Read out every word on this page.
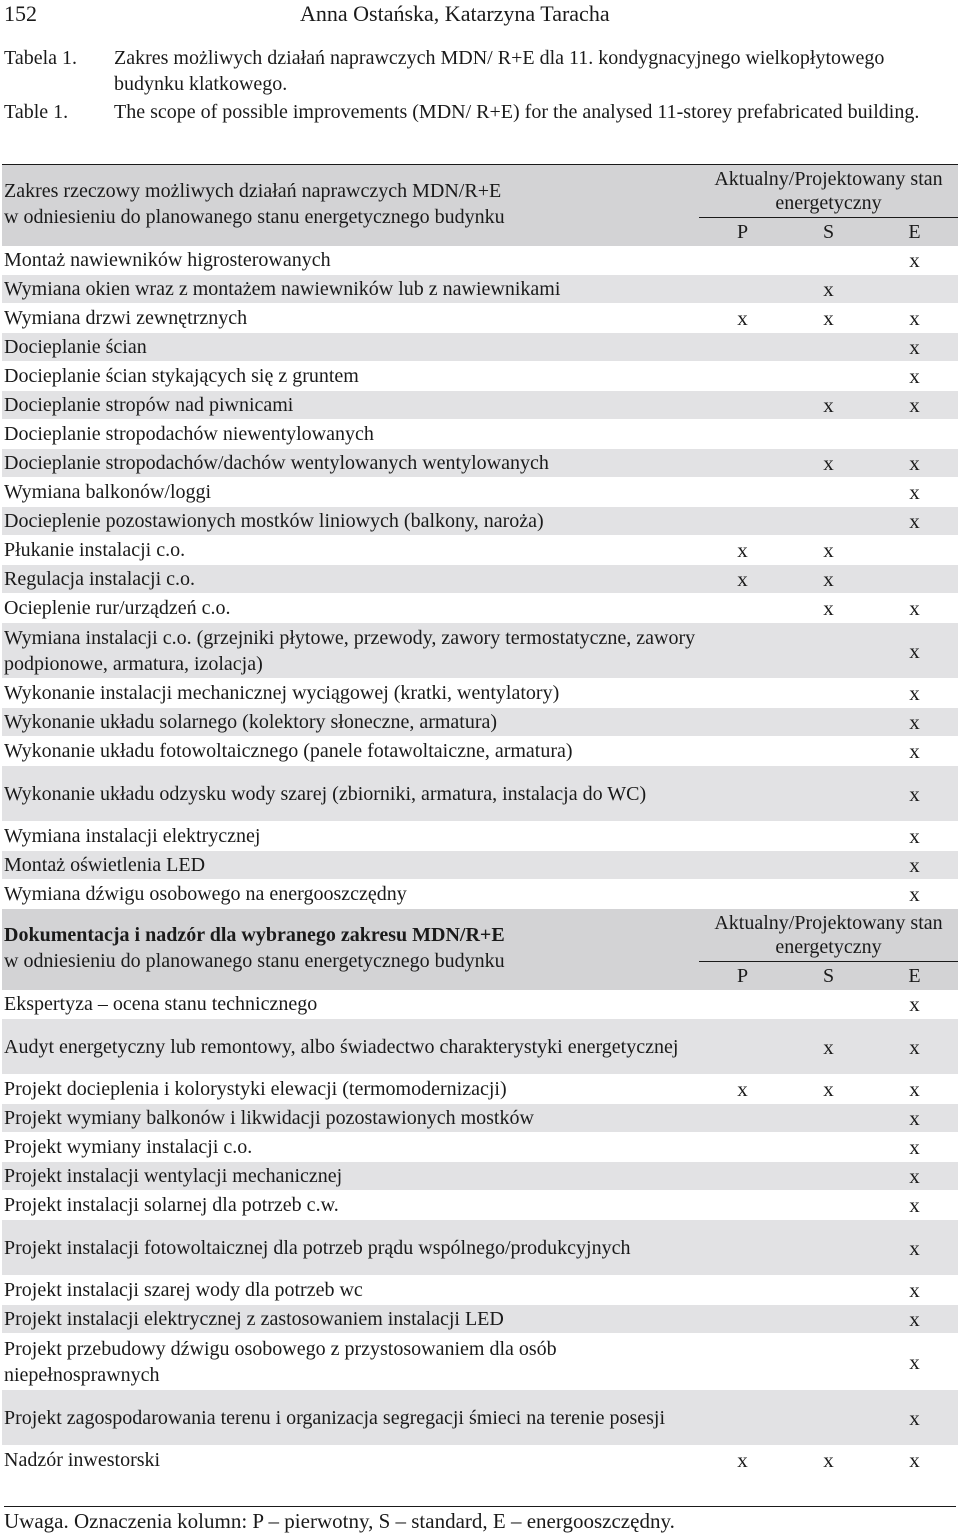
152	Anna Ostańska, Katarzyna Taracha
Tabela 1. Zakres możliwych działań naprawczych MDN/ R+E dla 11. kondygnacyjnego wielkopłytowego budynku klatkowego.
Table 1. The scope of possible improvements (MDN/ R+E) for the analysed 11-storey prefabricated building.
Zakres rzeczowy możliwych działań naprawczych MDN/R+E
w odniesieniu do planowanego stanu energetycznego budynku	Aktualny/Projektowany stan energetyczny		
	P	S	E
Montaż nawiewników higrosterowanych			x
Wymiana okien wraz z montażem nawiewników lub z nawiewnikami		x	
Wymiana drzwi zewnętrznych	x	x	x
Docieplanie ścian			x
Docieplanie ścian stykających się z gruntem			x
Docieplanie stropów nad piwnicami		x	x
Docieplanie stropodachów niewentylowanych			
Docieplanie stropodachów/dachów wentylowanych wentylowanych		x	x
Wymiana balkonów/loggi			x
Docieplenie pozostawionych mostków liniowych (balkony, naroża)			x
Płukanie instalacji c.o.	x	x	
Regulacja instalacji c.o.	x	x	
Ocieplenie rur/urządzeń c.o.		x	x
Wymiana instalacji c.o. (grzejniki płytowe, przewody, zawory termostatyczne, zawory podpionowe, armatura, izolacja)			x
Wykonanie instalacji mechanicznej wyciągowej (kratki, wentylatory)			x
Wykonanie układu solarnego (kolektory słoneczne, armatura)			x
Wykonanie układu fotowoltaicznego (panele fotawoltaiczne, armatura)			x
Wykonanie układu odzysku wody szarej (zbiorniki, armatura, instalacja do WC)			x
Wymiana instalacji elektrycznej			x
Montaż oświetlenia LED			x
Wymiana dźwigu osobowego na energooszczędny			x
Dokumentacja i nadzór dla wybranego zakresu MDN/R+E
w odniesieniu do planowanego stanu energetycznego budynku	Aktualny/Projektowany stan energetyczny		
	P	S	E
Ekspertyza – ocena stanu technicznego			x
Audyt energetyczny lub remontowy, albo świadectwo charakterystyki energetycznej		x	x
Projekt docieplenia i kolorystyki elewacji (termomodernizacji)	x	x	x
Projekt wymiany balkonów i likwidacji pozostawionych mostków			x
Projekt wymiany instalacji c.o.			x
Projekt instalacji wentylacji mechanicznej			x
Projekt instalacji solarnej dla potrzeb c.w.			x
Projekt instalacji fotowoltaicznej dla potrzeb prądu wspólnego/produkcyjnych			x
Projekt instalacji szarej wody dla potrzeb wc			x
Projekt instalacji elektrycznej z zastosowaniem instalacji LED			x
Projekt przebudowy dźwigu osobowego z przystosowaniem dla osób niepełnosprawnych			x
Projekt zagospodarowania terenu i organizacja segregacji śmieci na terenie posesji			x
Nadzór inwestorski	x	x	x
Uwaga. Oznaczenia kolumn: P – pierwotny, S – standard, E – energooszczędny.
